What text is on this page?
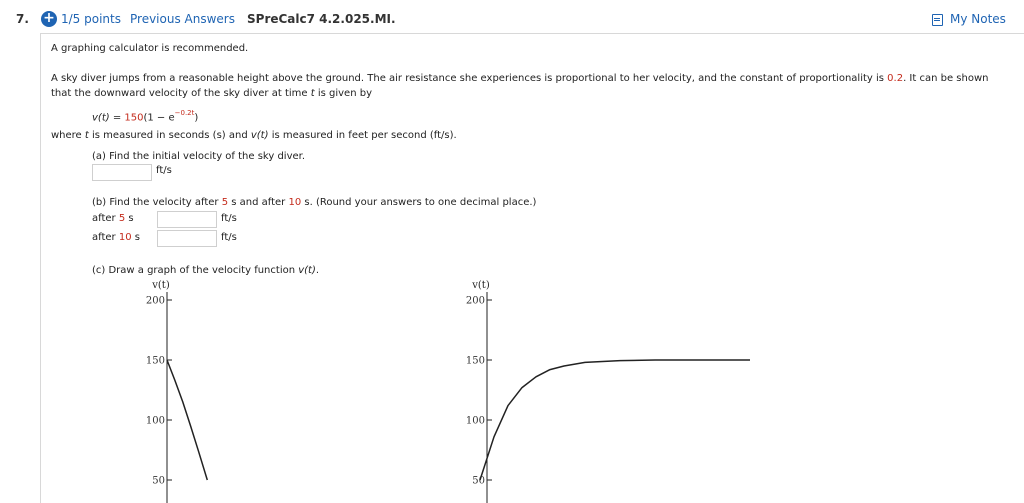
7. + 1/5 points Previous Answers SPreCalc7 4.2.025.MI.	My Notes
A graphing calculator is recommended.
A sky diver jumps from a reasonable height above the ground. The air resistance she experiences is proportional to her velocity, and the constant of proportionality is 0.2. It can be shown
that the downward velocity of the sky diver at time t is given by
$v(t) = 150(1 - e^{-0.2t})$
where t is measured in seconds (s) and v(t) is measured in feet per second (ft/s).
(a) Find the initial velocity of the sky diver.
ft/s
(b) Find the velocity after 5 s and after 10 s. (Round your answers to one decimal place.)
after 5 s	ft/s
after 10 s	ft/s
(c) Draw a graph of the velocity function v(t).
v(t)
200
150
100
50
v(t)
200
150
100
50
